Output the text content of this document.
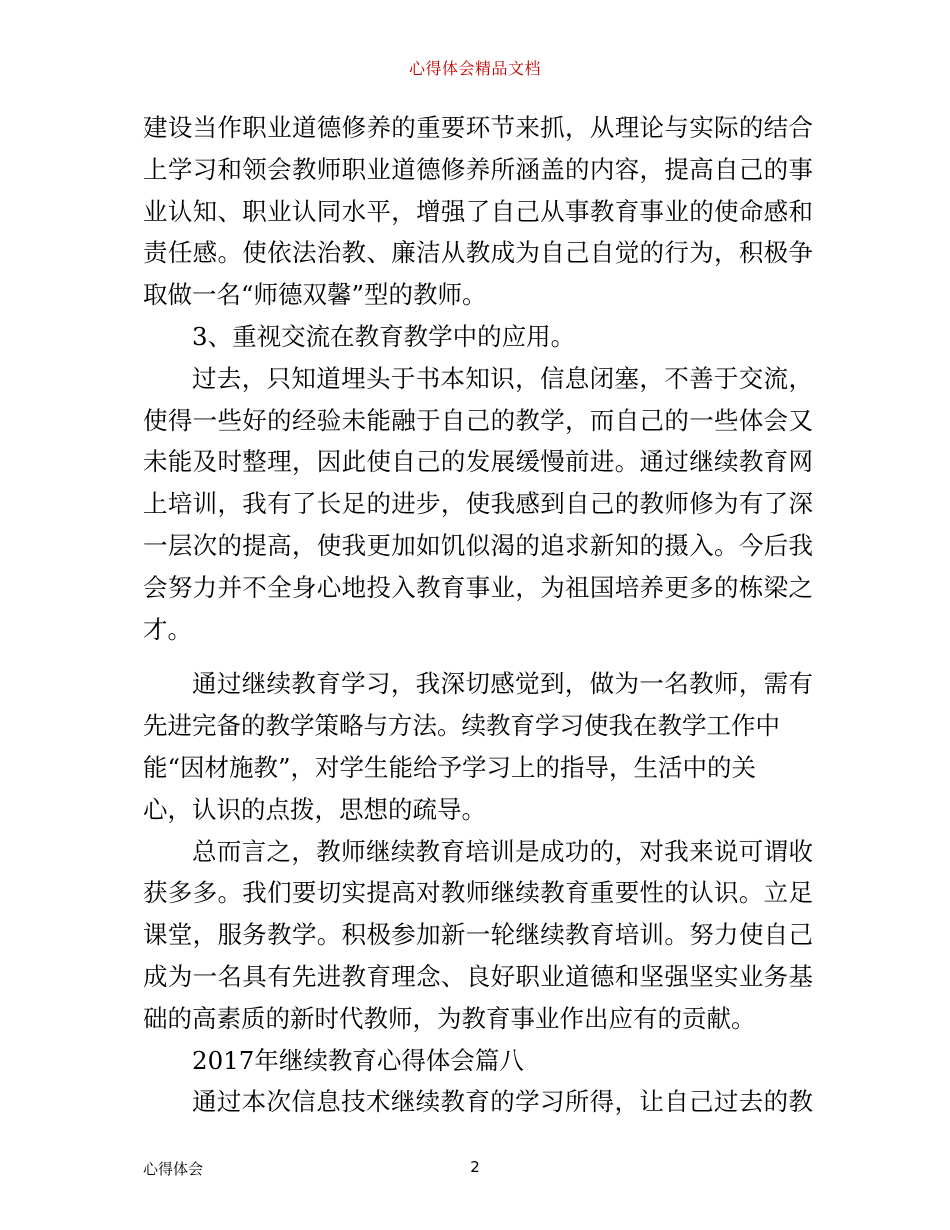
心得体会精品文档
建设当作职业道德修养的重要环节来抓，从理论与实际的结合
上学习和领会教师职业道德修养所涵盖的内容，提高自己的事
业认知、职业认同水平，增强了自己从事教育事业的使命感和
责任感。使依法治教、廉洁从教成为自己自觉的行为，积极争
取做一名“师德双馨”型的教师。
3、重视交流在教育教学中的应用。
过去，只知道埋头于书本知识，信息闭塞，不善于交流，
使得一些好的经验未能融于自己的教学，而自己的一些体会又
未能及时整理，因此使自己的发展缓慢前进。通过继续教育网
上培训，我有了长足的进步，使我感到自己的教师修为有了深
一层次的提高，使我更加如饥似渴的追求新知的摄入。今后我
会努力并不全身心地投入教育事业，为祖国培养更多的栋梁之
才。
通过继续教育学习，我深切感觉到，做为一名教师，需有
先进完备的教学策略与方法。续教育学习使我在教学工作中
能“因材施教”，对学生能给予学习上的指导，生活中的关
心，认识的点拨，思想的疏导。
总而言之，教师继续教育培训是成功的，对我来说可谓收
获多多。我们要切实提高对教师继续教育重要性的认识。立足
课堂，服务教学。积极参加新一轮继续教育培训。努力使自己
成为一名具有先进教育理念、良好职业道德和坚强坚实业务基
础的高素质的新时代教师，为教育事业作出应有的贡献。
2017年继续教育心得体会篇八
通过本次信息技术继续教育的学习所得，让自己过去的教
心得体会	2
